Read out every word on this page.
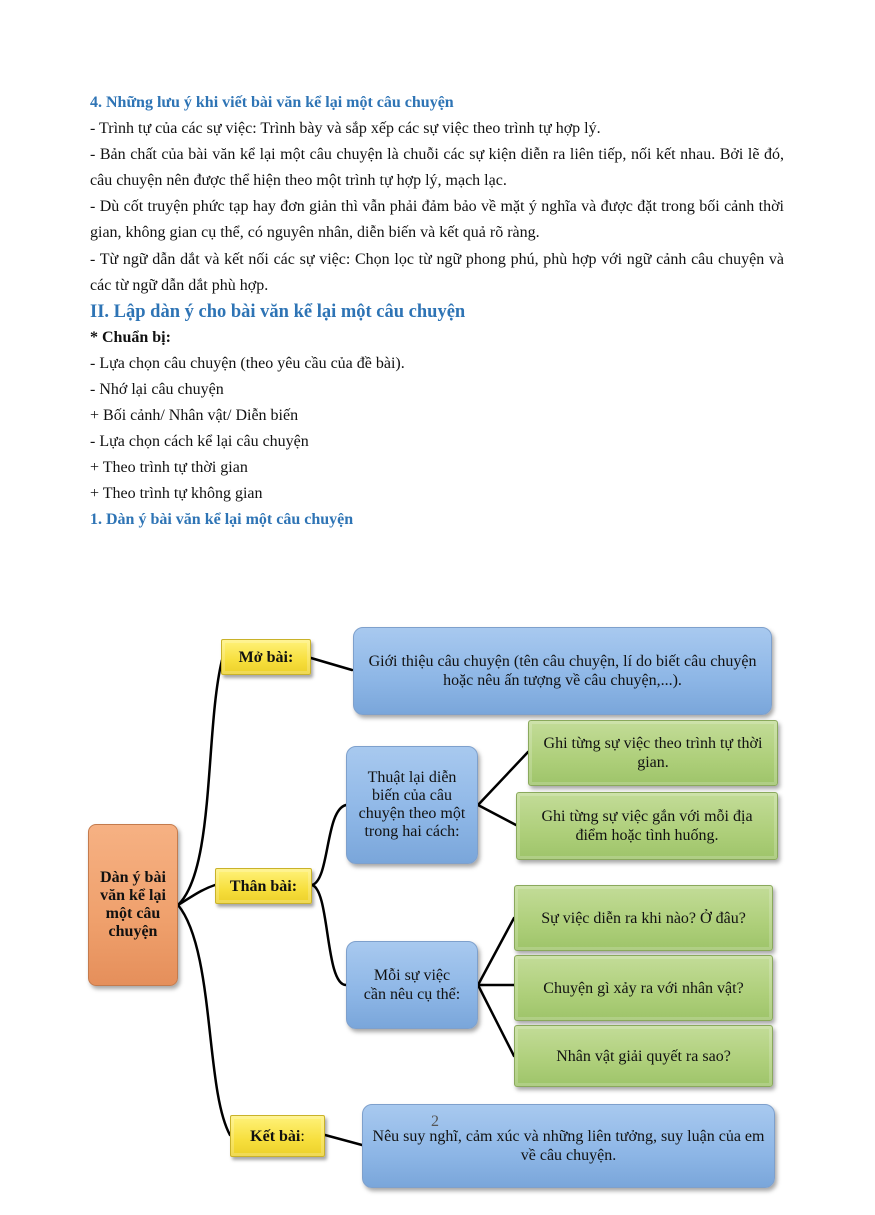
4. Những lưu ý khi viết bài văn kể lại một câu chuyện

- Trình tự của các sự việc: Trình bày và sắp xếp các sự việc theo trình tự hợp lý.

- Bản chất của bài văn kể lại một câu chuyện là chuỗi các sự kiện diễn ra liên tiếp, nối kết nhau. Bởi lẽ đó, câu chuyện nên được thể hiện theo một trình tự hợp lý, mạch lạc.

- Dù cốt truyện phức tạp hay đơn giản thì vẫn phải đảm bảo về mặt ý nghĩa và được đặt trong bối cảnh thời gian, không gian cụ thể, có nguyên nhân, diễn biến và kết quả rõ ràng.

- Từ ngữ dẫn dắt và kết nối các sự việc: Chọn lọc từ ngữ phong phú, phù hợp với ngữ cảnh câu chuyện và các từ ngữ dẫn dắt phù hợp.

II. Lập dàn ý cho bài văn kể lại một câu chuyện

* Chuẩn bị:

- Lựa chọn câu chuyện (theo yêu cầu của đề bài).

- Nhớ lại câu chuyện

+ Bối cảnh/ Nhân vật/ Diễn biến

- Lựa chọn cách kể lại câu chuyện

+ Theo trình tự thời gian

+ Theo trình tự không gian

1. Dàn ý bài văn kể lại một câu chuyện

Dàn ý bài văn kể lại một câu chuyện
Mở bài:	Giới thiệu câu chuyện (tên câu chuyện, lí do biết câu chuyện hoặc nêu ấn tượng về câu chuyện,...).
Thân bài:
Thuật lại diễn biến của câu chuyện theo một trong hai cách:
Ghi từng sự việc theo trình tự thời gian.
Ghi từng sự việc gắn với mỗi địa điểm hoặc tình huống.
Mỗi sự việc cần nêu cụ thể:
Sự việc diễn ra khi nào? Ở đâu?
Chuyện gì xảy ra với nhân vật?
Nhân vật giải quyết ra sao?
Kết bài :	Nêu suy nghĩ, cảm xúc và những liên tưởng, suy luận của em về câu chuyện.
2
